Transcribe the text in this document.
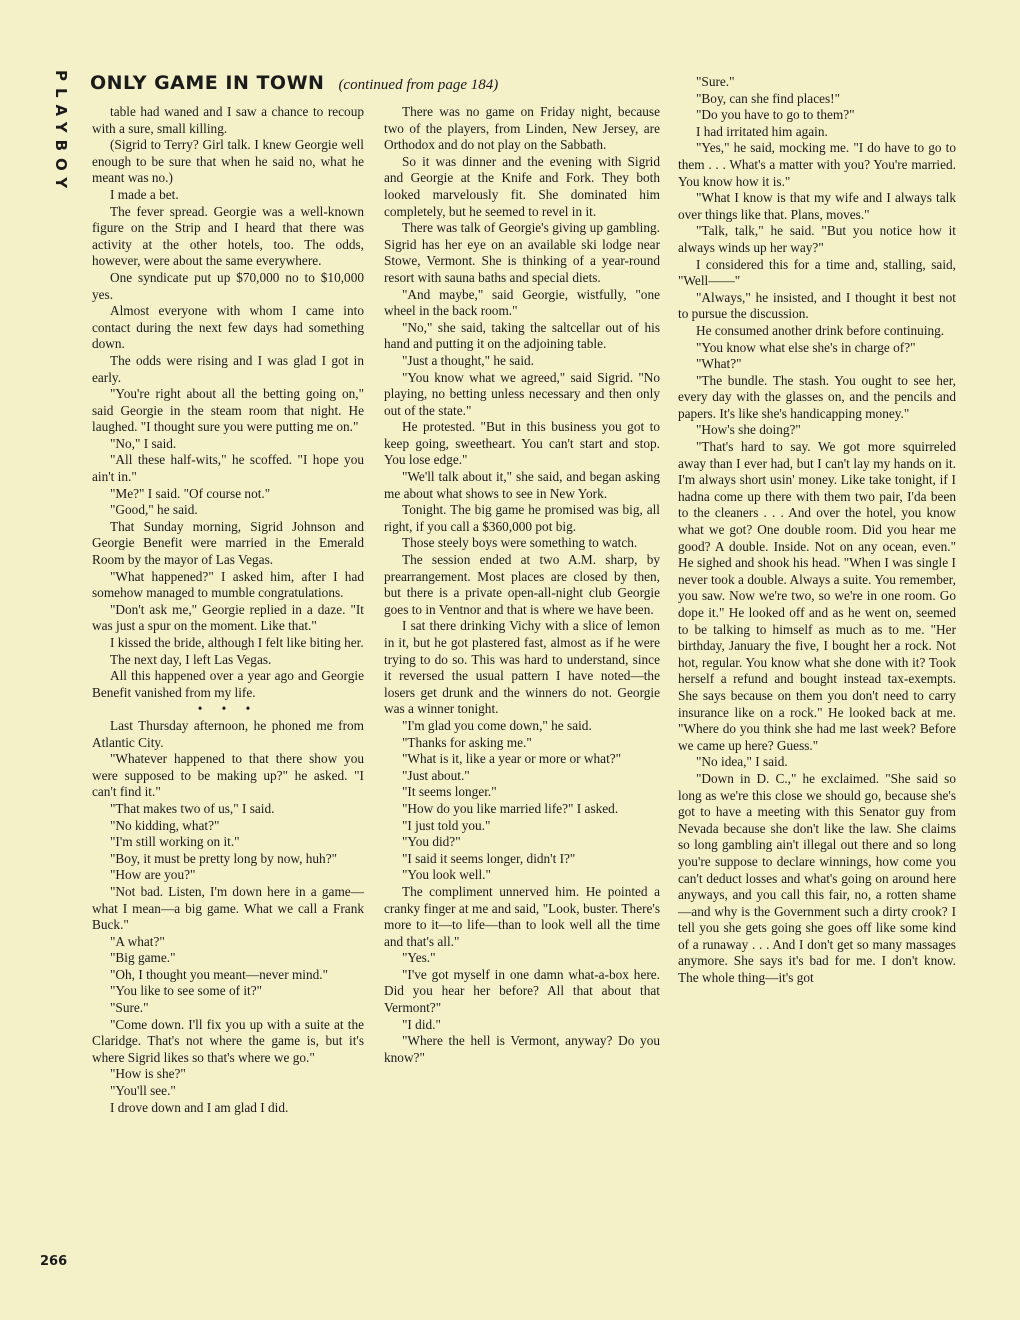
PLAYBOY ONLY GAME IN TOWN (continued from page 184)

table had waned and I saw a chance to recoup with a sure, small killing.

(Sigrid to Terry? Girl talk. I knew Georgie well enough to be sure that when he said no, what he meant was no.)

I made a bet.

The fever spread. Georgie was a well-known figure on the Strip and I heard that there was activity at the other hotels, too. The odds, however, were about the same everywhere.

One syndicate put up $70,000 no to $10,000 yes.

Almost everyone with whom I came into contact during the next few days had something down.

The odds were rising and I was glad I got in early.

"You're right about all the betting going on," said Georgie in the steam room that night. He laughed. "I thought sure you were putting me on."

"No," I said.

"All these half-wits," he scoffed. "I hope you ain't in."

"Me?" I said. "Of course not."

"Good," he said.

That Sunday morning, Sigrid Johnson and Georgie Benefit were married in the Emerald Room by the mayor of Las Vegas.

"What happened?" I asked him, after I had somehow managed to mumble congratulations.

"Don't ask me," Georgie replied in a daze. "It was just a spur on the moment. Like that."

I kissed the bride, although I felt like biting her.

The next day, I left Las Vegas.

All this happened over a year ago and Georgie Benefit vanished from my life.

• • •

Last Thursday afternoon, he phoned me from Atlantic City.

"Whatever happened to that there show you were supposed to be making up?" he asked. "I can't find it."

"That makes two of us," I said.

"No kidding, what?"

"I'm still working on it."

"Boy, it must be pretty long by now, huh?"

"How are you?"

"Not bad. Listen, I'm down here in a game—what I mean—a big game. What we call a Frank Buck."

"A what?"

"Big game."

"Oh, I thought you meant—never mind."

"You like to see some of it?"

"Sure."

"Come down. I'll fix you up with a suite at the Claridge. That's not where the game is, but it's where Sigrid likes so that's where we go."

"How is she?"

"You'll see."

I drove down and I am glad I did.

There was no game on Friday night, because two of the players, from Linden, New Jersey, are Orthodox and do not play on the Sabbath.

So it was dinner and the evening with Sigrid and Georgie at the Knife and Fork. They both looked marvelously fit. She dominated him completely, but he seemed to revel in it.

There was talk of Georgie's giving up gambling. Sigrid has her eye on an available ski lodge near Stowe, Vermont. She is thinking of a year-round resort with sauna baths and special diets.

"And maybe," said Georgie, wistfully, "one wheel in the back room."

"No," she said, taking the saltcellar out of his hand and putting it on the adjoining table.

"Just a thought," he said.

"You know what we agreed," said Sigrid. "No playing, no betting unless necessary and then only out of the state."

He protested. "But in this business you got to keep going, sweetheart. You can't start and stop. You lose edge."

"We'll talk about it," she said, and began asking me about what shows to see in New York.

Tonight. The big game he promised was big, all right, if you call a $360,000 pot big.

Those steely boys were something to watch.

The session ended at two A.M. sharp, by prearrangement. Most places are closed by then, but there is a private open-all-night club Georgie goes to in Ventnor and that is where we have been.

I sat there drinking Vichy with a slice of lemon in it, but he got plastered fast, almost as if he were trying to do so. This was hard to understand, since it reversed the usual pattern I have noted—the losers get drunk and the winners do not. Georgie was a winner tonight.

"I'm glad you come down," he said.

"Thanks for asking me."

"What is it, like a year or more or what?"

"Just about."

"It seems longer."

"How do you like married life?" I asked.

"I just told you."

"You did?"

"I said it seems longer, didn't I?"

"You look well."

The compliment unnerved him. He pointed a cranky finger at me and said, "Look, buster. There's more to it—to life—than to look well all the time and that's all."

"Yes."

"I've got myself in one damn what-a-box here. Did you hear her before? All that about that Vermont?"

"I did."

"Where the hell is Vermont, anyway? Do you know?"

"Sure."

"Boy, can she find places!"

"Do you have to go to them?"

I had irritated him again.

"Yes," he said, mocking me. "I do have to go to them . . . What's a matter with you? You're married. You know how it is."

"What I know is that my wife and I always talk over things like that. Plans, moves."

"Talk, talk," he said. "But you notice how it always winds up her way?"

I considered this for a time and, stalling, said, "Well——"

"Always," he insisted, and I thought it best not to pursue the discussion.

He consumed another drink before continuing.

"You know what else she's in charge of?"

"What?"

"The bundle. The stash. You ought to see her, every day with the glasses on, and the pencils and papers. It's like she's handicapping money."

"How's she doing?"

"That's hard to say. We got more squirreled away than I ever had, but I can't lay my hands on it. I'm always short usin' money. Like take tonight, if I hadna come up there with them two pair, I'da been to the cleaners . . . And over the hotel, you know what we got? One double room. Did you hear me good? A double. Inside. Not on any ocean, even." He sighed and shook his head. "When I was single I never took a double. Always a suite. You remember, you saw. Now we're two, so we're in one room. Go dope it." He looked off and as he went on, seemed to be talking to himself as much as to me. "Her birthday, January the five, I bought her a rock. Not hot, regular. You know what she done with it? Took herself a refund and bought instead tax-exempts. She says because on them you don't need to carry insurance like on a rock." He looked back at me. "Where do you think she had me last week? Before we came up here? Guess."

"No idea," I said.

"Down in D. C.," he exclaimed. "She said so long as we're this close we should go, because she's got to have a meeting with this Senator guy from Nevada because she don't like the law. She claims so long gambling ain't illegal out there and so long you're suppose to declare winnings, how come you can't deduct losses and what's going on around here anyways, and you call this fair, no, a rotten shame—and why is the Government such a dirty crook? I tell you she gets going she goes off like some kind of a runaway . . . And I don't get so many massages anymore. She says it's bad for me. I don't know. The whole thing—it's got

266
